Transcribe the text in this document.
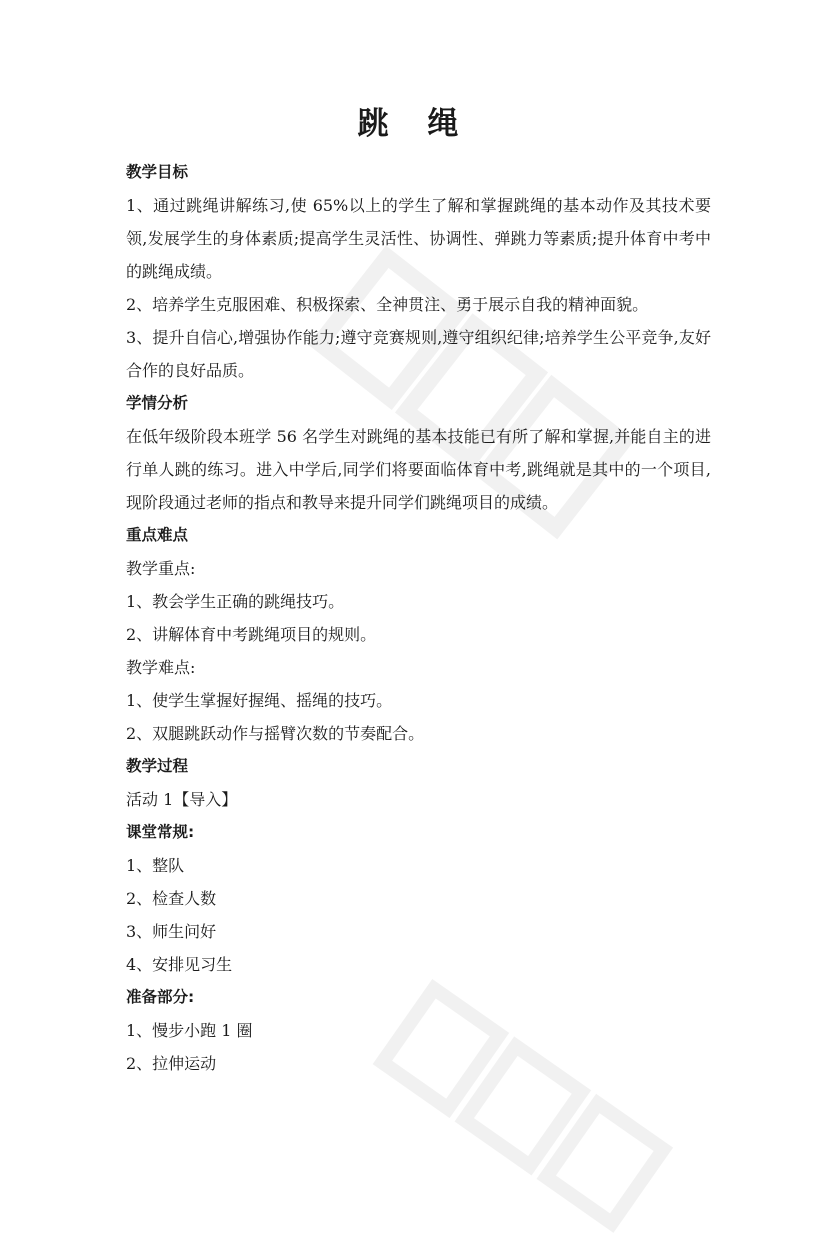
跳 绳

教学目标

1、通过跳绳讲解练习,使 65%以上的学生了解和掌握跳绳的基本动作及其技术要领,发展学生的身体素质;提高学生灵活性、协调性、弹跳力等素质;提升体育中考中的跳绳成绩。

2、培养学生克服困难、积极探索、全神贯注、勇于展示自我的精神面貌。

3、提升自信心,增强协作能力;遵守竞赛规则,遵守组织纪律;培养学生公平竞争,友好合作的良好品质。

学情分析

在低年级阶段本班学 56 名学生对跳绳的基本技能已有所了解和掌握,并能自主的进行单人跳的练习。进入中学后,同学们将要面临体育中考,跳绳就是其中的一个项目,现阶段通过老师的指点和教导来提升同学们跳绳项目的成绩。

重点难点

教学重点:

1、教会学生正确的跳绳技巧。

2、讲解体育中考跳绳项目的规则。

教学难点:

1、使学生掌握好握绳、摇绳的技巧。

2、双腿跳跃动作与摇臂次数的节奏配合。

教学过程

活动 1【导入】

课堂常规:

1、整队

2、检查人数

3、师生问好

4、安排见习生

准备部分:

1、慢步小跑 1 圈

2、拉伸运动
